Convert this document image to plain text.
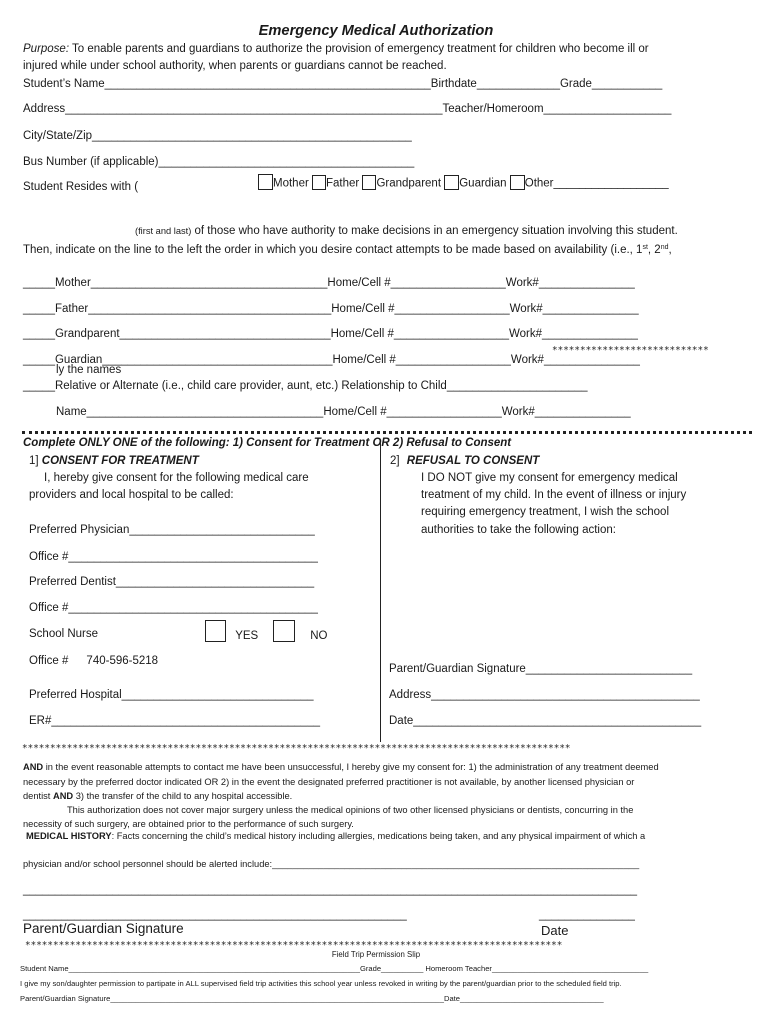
Emergency Medical Authorization
Purpose: To enable parents and guardians to authorize the provision of emergency treatment for children who become ill or
injured while under school authority, when parents or guardians cannot be reached.
Student’s Name___________________________________________________Birthdate_____________Grade___________
Address___________________________________________________________Teacher/Homeroom____________________
City/State/Zip__________________________________________________
Bus Number (if applicable)________________________________________
Student Resides with (	Mother Father Grandparent Guardian Other__________________
(first and last) of those who have authority to make decisions in an emergency situation involving this student.
Then, indicate on the line to the left the order in which you desire contact attempts to be made based on availability (i.e., 1st, 2nd,
_____Mother_____________________________________Home/Cell #__________________Work#_______________
_____Father______________________________________Home/Cell #__________________Work#_______________
_____Grandparent_________________________________Home/Cell #__________________Work#_______________
****************************
_____Guardian____________________________________Home/Cell #__________________Work#_______________
ly the names
_____Relative or Alternate (i.e., child care provider, aunt, etc.) Relationship to Child______________________
Name_____________________________________Home/Cell #__________________Work#_______________
Complete ONLY ONE of the following: 1) Consent for Treatment OR 2) Refusal to Consent
1] CONSENT FOR TREATMENT
I, hereby give consent for the following medical care
providers and local hospital to be called:
Preferred Physician_____________________________
Office #_______________________________________
Preferred Dentist_______________________________
Office #_______________________________________
School Nurse	YES	NO
Office # 740-596-5218
Preferred Hospital______________________________
ER#__________________________________________
2] REFUSAL TO CONSENT
I DO NOT give my consent for emergency medical
treatment of my child. In the event of illness or injury
requiring emergency treatment, I wish the school
authorities to take the following action:
Parent/Guardian Signature__________________________
Address__________________________________________
Date_____________________________________________
**************************************************************************************************
AND in the event reasonable attempts to contact me have been unsuccessful, I hereby give my consent for: 1) the administration of any treatment deemed
necessary by the preferred doctor indicated OR 2) in the event the designated preferred practitioner is not available, by another licensed physician or
dentist AND 3) the transfer of the child to any hospital accessible.
This authorization does not cover major surgery unless the medical opinions of two other licensed physicians or dentists, concurring in the
necessity of such surgery, are obtained prior to the performance of such surgery.
MEDICAL HISTORY: Facts concerning the child’s medical history including allergies, medications being taken, and any physical impairment of which a
physician and/or school personnel should be alerted include:_______________________________________________________________________
________________________________________________________________________________________________
____________________________________________________________	_______________
Parent/Guardian Signature	Date
************************************************************************************************
Field Trip Permission Slip
Student Name_____________________________________________________________________Grade__________ Homeroom Teacher_____________________________________
I give my son/daughter permission to partipate in ALL supervised field trip activities this school year unless revoked in writing by the parent/guardian prior to the scheduled field trip.
Parent/Guardian Signature_______________________________________________________________________________Date__________________________________
